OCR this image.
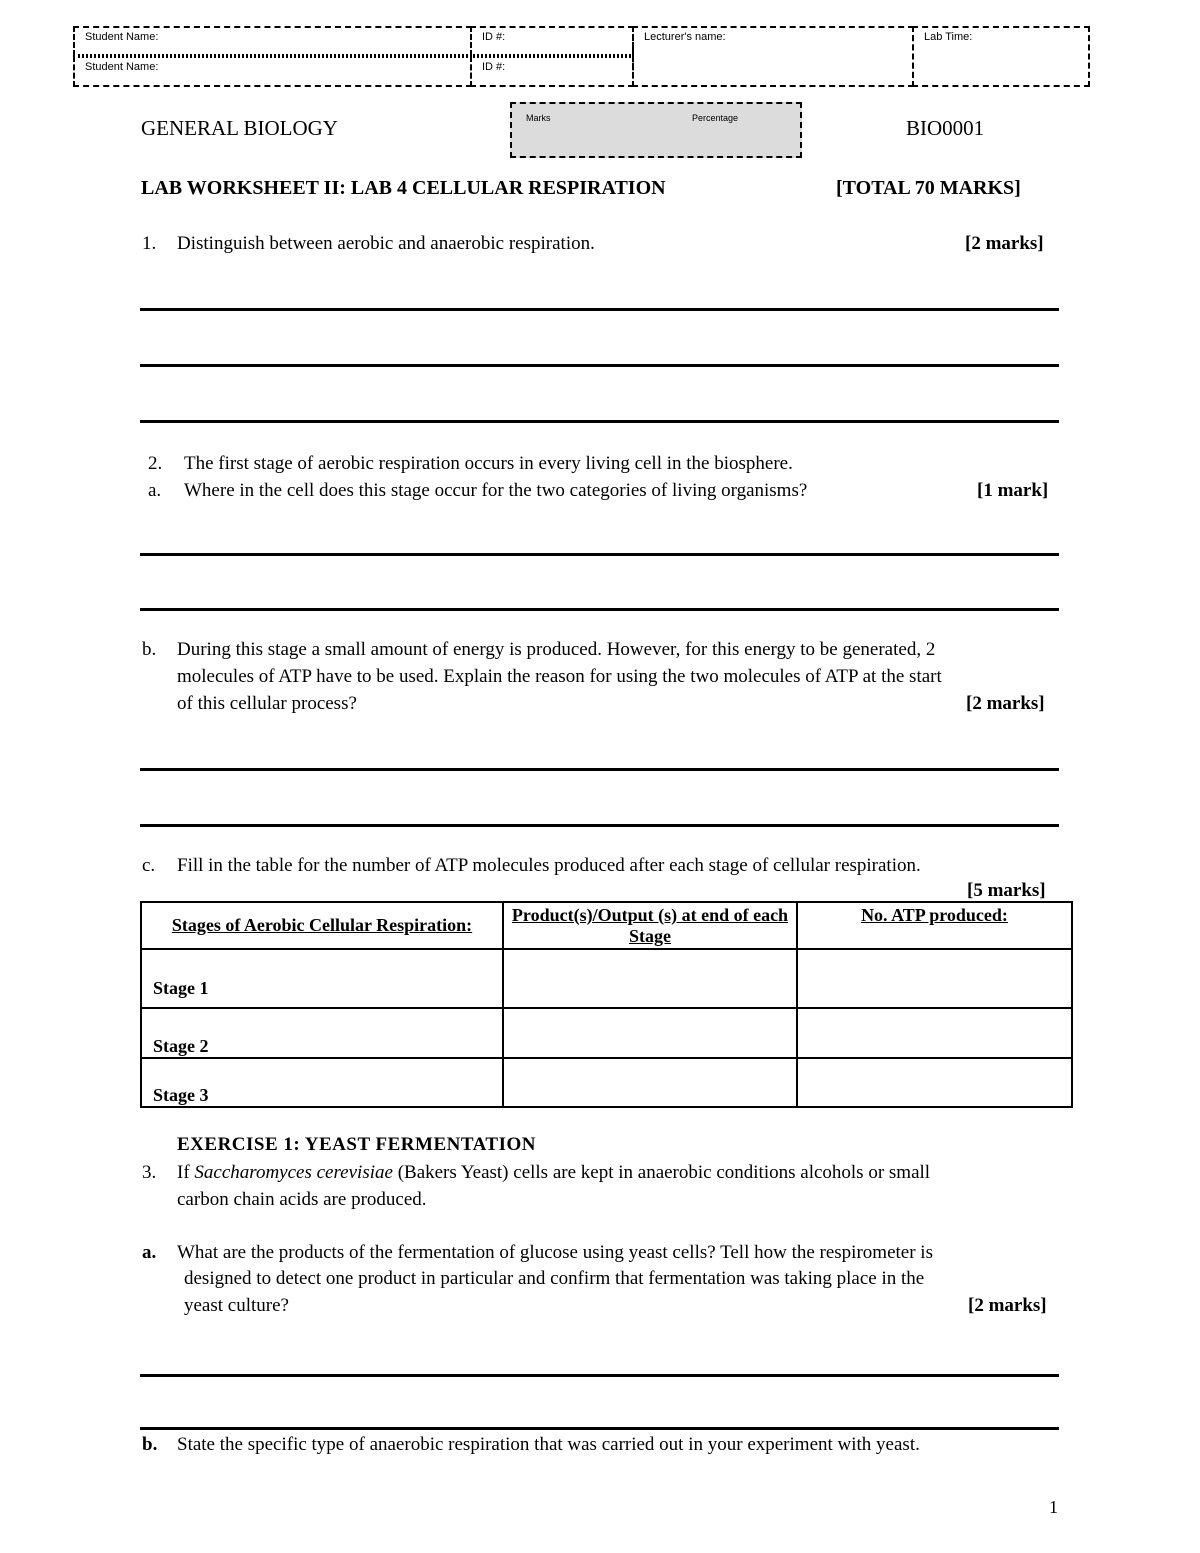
Student Name:
Student Name:
ID #:
ID #:
Lecturer's name:	Lab Time:
GENERAL BIOLOGY	Marks	Percentage	BIO0001
LAB WORKSHEET II: LAB 4 CELLULAR RESPIRATION	[TOTAL 70 MARKS]
1. Distinguish between aerobic and anaerobic respiration.	[2 marks]
2. The first stage of aerobic respiration occurs in every living cell in the biosphere.
a. Where in the cell does this stage occur for the two categories of living organisms?	[1 mark]
b. During this stage a small amount of energy is produced. However, for this energy to be generated, 2
molecules of ATP have to be used. Explain the reason for using the two molecules of ATP at the start
of this cellular process?	[2 marks]
c. Fill in the table for the number of ATP molecules produced after each stage of cellular respiration.
[5 marks]
Stages of Aerobic Cellular Respiration:	Product(s)/Output (s) at end of each Stage	No. ATP produced:
Stage 1		
Stage 2		
Stage 3		
EXERCISE 1: YEAST FERMENTATION
3. If Saccharomyces cerevisiae (Bakers Yeast) cells are kept in anaerobic conditions alcohols or small
carbon chain acids are produced.
a. What are the products of the fermentation of glucose using yeast cells? Tell how the respirometer is
designed to detect one product in particular and confirm that fermentation was taking place in the
yeast culture?	[2 marks]
b. State the specific type of anaerobic respiration that was carried out in your experiment with yeast.
1
